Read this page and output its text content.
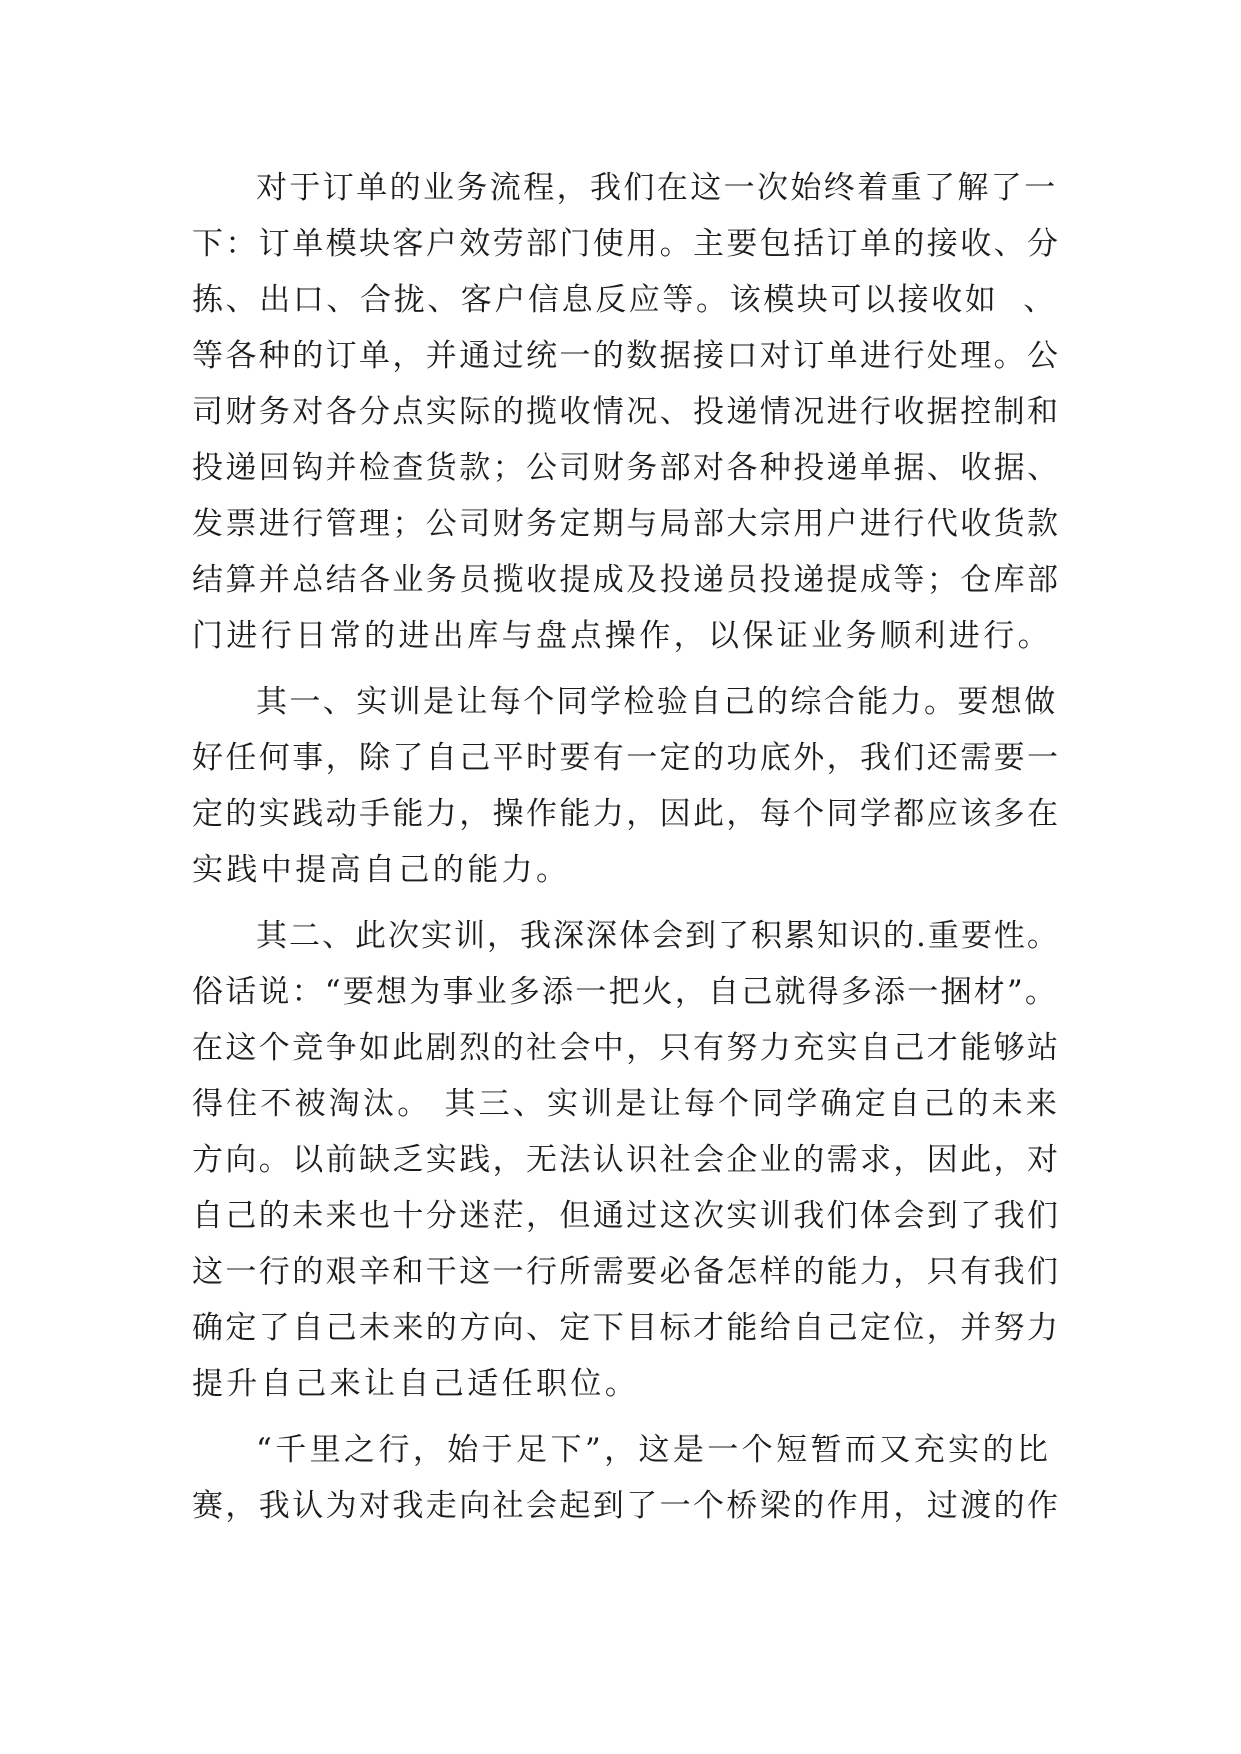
对于订单的业务流程，我们在这一次始终着重了解了一
下：订单模块客户效劳部门使用。主要包括订单的接收、分
拣、出口、合拢、客户信息反应等。该模块可以接收如  、
等各种的订单，并通过统一的数据接口对订单进行处理。公
司财务对各分点实际的揽收情况、投递情况进行收据控制和
投递回钩并检查货款；公司财务部对各种投递单据、收据、
发票进行管理；公司财务定期与局部大宗用户进行代收货款
结算并总结各业务员揽收提成及投递员投递提成等；仓库部
门进行日常的进出库与盘点操作，以保证业务顺利进行。
其一、实训是让每个同学检验自己的综合能力。要想做
好任何事，除了自己平时要有一定的功底外，我们还需要一
定的实践动手能力，操作能力，因此，每个同学都应该多在
实践中提高自己的能力。
其二、此次实训，我深深体会到了积累知识的.重要性。
俗话说：“要想为事业多添一把火，自己就得多添一捆材”。
在这个竞争如此剧烈的社会中，只有努力充实自己才能够站
得住不被淘汰。 其三、实训是让每个同学确定自己的未来
方向。以前缺乏实践，无法认识社会企业的需求，因此，对
自己的未来也十分迷茫，但通过这次实训我们体会到了我们
这一行的艰辛和干这一行所需要必备怎样的能力，只有我们
确定了自己未来的方向、定下目标才能给自己定位，并努力
提升自己来让自己适任职位。
“千里之行，始于足下”，这是一个短暂而又充实的比
赛，我认为对我走向社会起到了一个桥梁的作用，过渡的作
